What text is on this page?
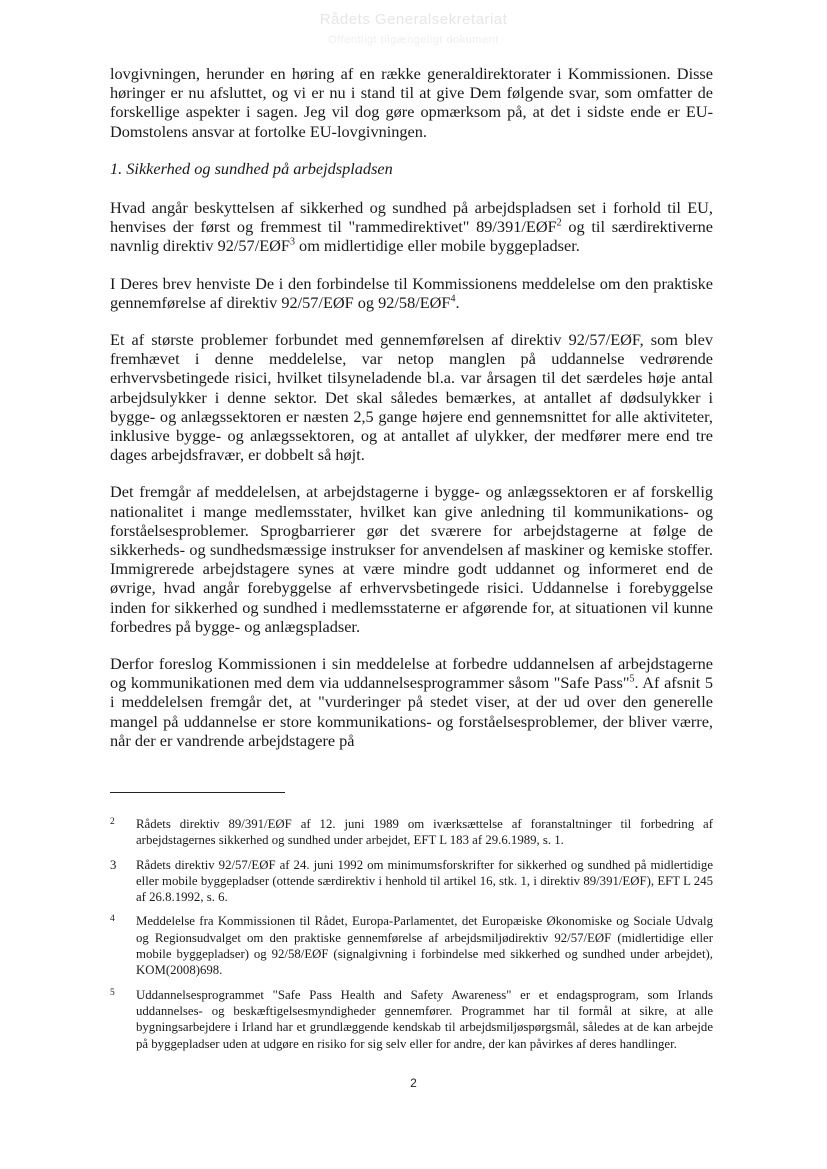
Rådets Generalsekretariat
Offentligt tilgængeligt dokument

lovgivningen, herunder en høring af en række generaldirektorater i Kommissionen. Disse høringer er nu afsluttet, og vi er nu i stand til at give Dem følgende svar, som omfatter de forskellige aspekter i sagen. Jeg vil dog gøre opmærksom på, at det i sidste ende er EU-Domstolens ansvar at fortolke EU-lovgivningen.

1. Sikkerhed og sundhed på arbejdspladsen

Hvad angår beskyttelsen af sikkerhed og sundhed på arbejdspladsen set i forhold til EU, henvises der først og fremmest til "rammedirektivet" 89/391/EØF$^2$ og til særdirektiverne navnlig direktiv 92/57/EØF$^3$ om midlertidige eller mobile byggepladser.

I Deres brev henviste De i den forbindelse til Kommissionens meddelelse om den praktiske gennemførelse af direktiv 92/57/EØF og 92/58/EØF$^4$.

Et af største problemer forbundet med gennemførelsen af direktiv 92/57/EØF, som blev fremhævet i denne meddelelse, var netop manglen på uddannelse vedrørende erhvervsbetingede risici, hvilket tilsyneladende bl.a. var årsagen til det særdeles høje antal arbejdsulykker i denne sektor. Det skal således bemærkes, at antallet af dødsulykker i bygge- og anlægssektoren er næsten 2,5 gange højere end gennemsnittet for alle aktiviteter, inklusive bygge- og anlægssektoren, og at antallet af ulykker, der medfører mere end tre dages arbejdsfravær, er dobbelt så højt.

Det fremgår af meddelelsen, at arbejdstagerne i bygge- og anlægssektoren er af forskellig nationalitet i mange medlemsstater, hvilket kan give anledning til kommunikations- og forståelsesproblemer. Sprogbarrierer gør det sværere for arbejdstagerne at følge de sikkerheds- og sundhedsmæssige instrukser for anvendelsen af maskiner og kemiske stoffer. Immigrerede arbejdstagere synes at være mindre godt uddannet og informeret end de øvrige, hvad angår forebyggelse af erhvervsbetingede risici. Uddannelse i forebyggelse inden for sikkerhed og sundhed i medlemsstaterne er afgørende for, at situationen vil kunne forbedres på bygge- og anlægspladser.

Derfor foreslog Kommissionen i sin meddelelse at forbedre uddannelsen af arbejdstagerne og kommunikationen med dem via uddannelsesprogrammer såsom "Safe Pass"$^5$. Af afsnit 5 i meddelelsen fremgår det, at "vurderinger på stedet viser, at der ud over den generelle mangel på uddannelse er store kommunikations- og forståelsesproblemer, der bliver værre, når der er vandrende arbejdstagere på

2	Rådets direktiv 89/391/EØF af 12. juni 1989 om iværksættelse af foranstaltninger til forbedring af arbejdstagernes sikkerhed og sundhed under arbejdet, EFT L 183 af 29.6.1989, s. 1.
3	Rådets direktiv 92/57/EØF af 24. juni 1992 om minimumsforskrifter for sikkerhed og sundhed på midlertidige eller mobile byggepladser (ottende særdirektiv i henhold til artikel 16, stk. 1, i direktiv 89/391/EØF), EFT L 245 af 26.8.1992, s. 6.
4	Meddelelse fra Kommissionen til Rådet, Europa-Parlamentet, det Europæiske Økonomiske og Sociale Udvalg og Regionsudvalget om den praktiske gennemførelse af arbejdsmiljødirektiv 92/57/EØF (midlertidige eller mobile byggepladser) og 92/58/EØF (signalgivning i forbindelse med sikkerhed og sundhed under arbejdet), KOM(2008)698.
5	Uddannelsesprogrammet "Safe Pass Health and Safety Awareness" er et endagsprogram, som Irlands uddannelses- og beskæftigelsesmyndigheder gennemfører. Programmet har til formål at sikre, at alle bygningsarbejdere i Irland har et grundlæggende kendskab til arbejdsmiljøspørgsmål, således at de kan arbejde på byggepladser uden at udgøre en risiko for sig selv eller for andre, der kan påvirkes af deres handlinger.
2
